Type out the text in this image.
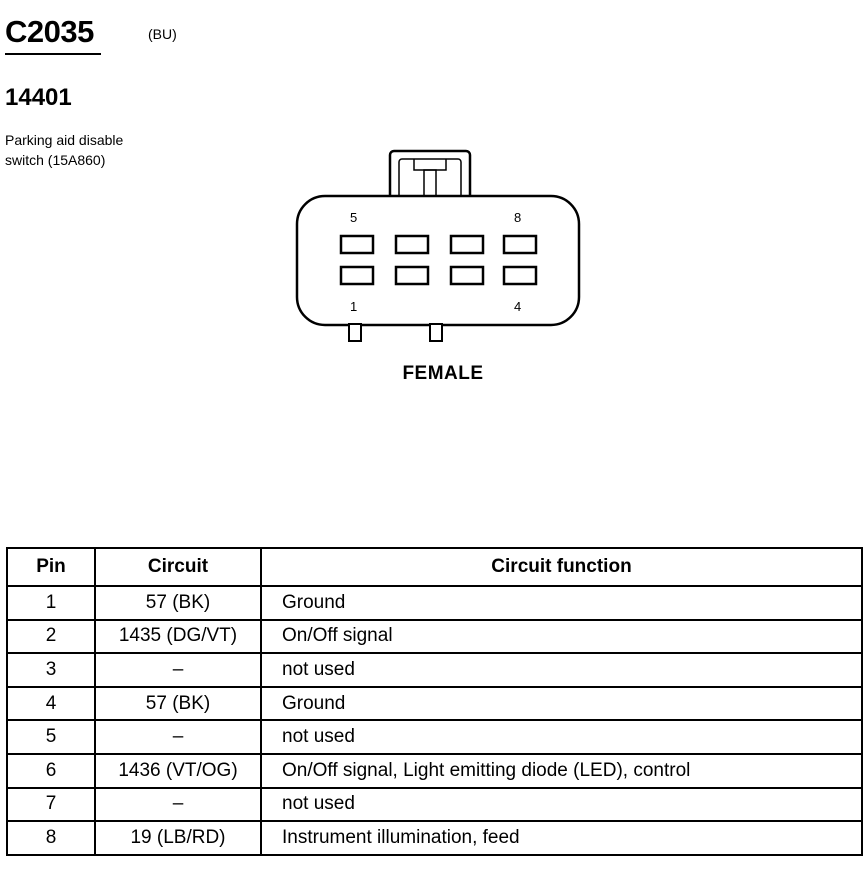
C2035	(BU)
14401
Parking aid disable
switch (15A860)
5	8
1	4
FEMALE
Pin	Circuit	Circuit function
1	57 (BK)	Ground
2	1435 (DG/VT)	On/Off signal
3	–	not used
4	57 (BK)	Ground
5	–	not used
6	1436 (VT/OG)	On/Off signal, Light emitting diode (LED), control
7	–	not used
8	19 (LB/RD)	Instrument illumination, feed
